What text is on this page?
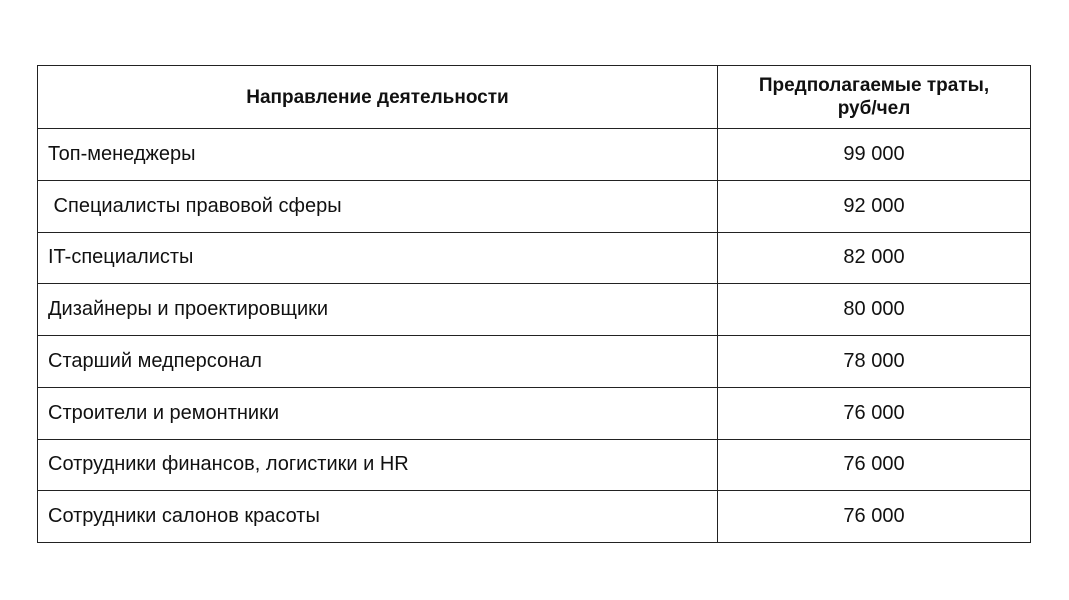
Направление деятельности	Предполагаемые траты,
руб/чел

Топ-менеджеры	99 000
Специалисты правовой сферы	92 000
IT-специалисты	82 000
Дизайнеры и проектировщики	80 000
Старший медперсонал	78 000
Строители и ремонтники	76 000
Сотрудники финансов, логистики и HR	76 000
Сотрудники салонов красоты	76 000
